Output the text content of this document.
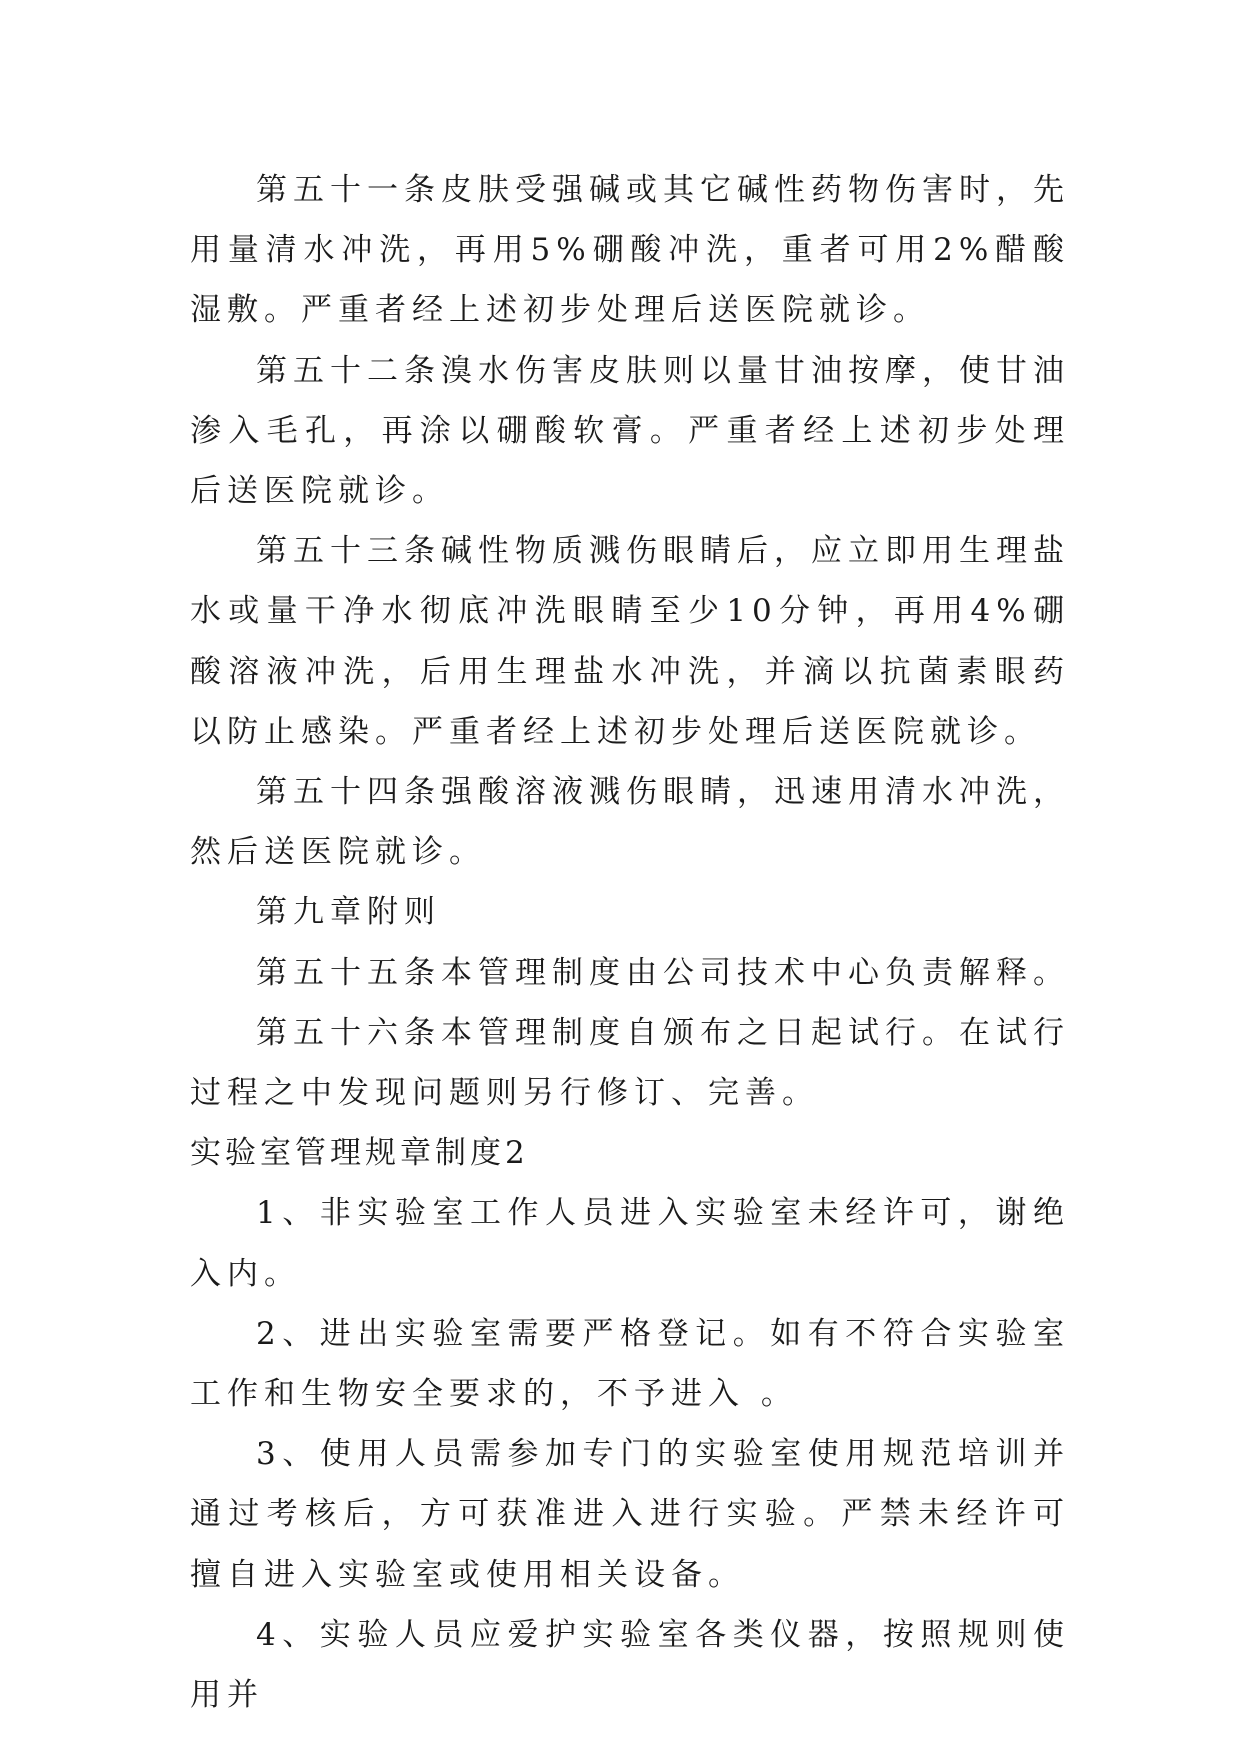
第五十一条皮肤受强碱或其它碱性药物伤害时，先用量清水冲洗，再用5%硼酸冲洗，重者可用2%醋酸湿敷。严重者经上述初步处理后送医院就诊。

第五十二条溴水伤害皮肤则以量甘油按摩，使甘油渗入毛孔，再涂以硼酸软膏。严重者经上述初步处理后送医院就诊。

第五十三条碱性物质溅伤眼睛后，应立即用生理盐水或量干净水彻底冲洗眼睛至少10分钟，再用4%硼酸溶液冲洗，后用生理盐水冲洗，并滴以抗菌素眼药以防止感染。严重者经上述初步处理后送医院就诊。

第五十四条强酸溶液溅伤眼睛，迅速用清水冲洗，然后送医院就诊。

第九章附则

第五十五条本管理制度由公司技术中心负责解释。

第五十六条本管理制度自颁布之日起试行。在试行过程之中发现问题则另行修订、完善。

实验室管理规章制度2

1、非实验室工作人员进入实验室未经许可，谢绝入内。

2、进出实验室需要严格登记。如有不符合实验室工作和生物安全要求的，不予进入 。

3、使用人员需参加专门的实验室使用规范培训并通过考核后，方可获准进入进行实验。严禁未经许可擅自进入实验室或使用相关设备。

4、实验人员应爱护实验室各类仪器，按照规则使用并
